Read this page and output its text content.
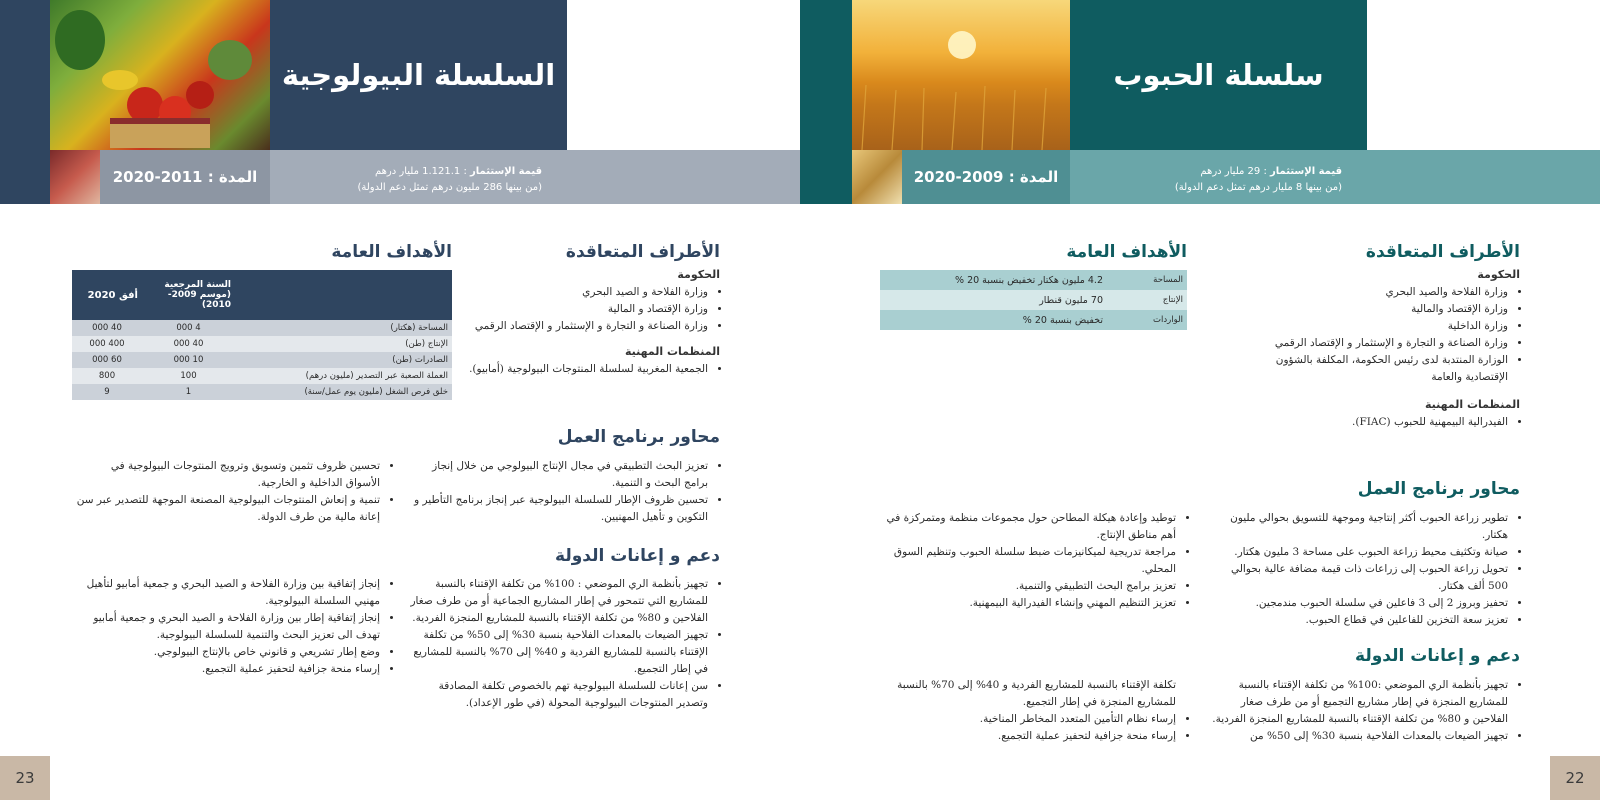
السلسلة البيولوجية
المدة : 2011-2020	قيمة الإستثمار : 1.121.1 مليار درهم
(من بينها 286 مليون درهم تمثل دعم الدولة)
سلسلة الحبوب
المدة : 2009-2020	قيمة الإستثمار : 29 مليار درهم
(من بينها 8 مليار درهم تمثل دعم الدولة)
الأطراف المتعاقدة
الحكومة
• وزارة الفلاحة و الصيد البحري
• وزارة الإقتصاد و المالية
• وزارة الصناعة و التجارة و الإستثمار و الإقتصاد الرقمي
المنظمات المهنية
• الجمعية المغربية لسلسلة المنتوجات البيولوجية (أمابيو).
الأهداف العامة
	السنة المرجعية (موسم 2009-2010)	أفق 2020
المساحة (هكتار)	4 000	40 000
الإنتاج (طن)	40 000	400 000
الصادرات (طن)	10 000	60 000
العملة الصعبة عبر التصدير (مليون درهم)	100	800
خلق فرص الشغل (مليون يوم عمل/سنة)	1	9
محاور برنامج العمل
• تعزيز البحث التطبيقي في مجال الإنتاج البيولوجي من خلال إنجاز برامج البحث و التنمية.
• تحسين ظروف الإطار للسلسلة البيولوجية عبر إنجاز برنامج التأطير و التكوين و تأهيل المهنيين.
• تحسين ظروف تثمين وتسويق وترويج المنتوجات البيولوجية في الأسواق الداخلية و الخارجية.
• تنمية و إنعاش المنتوجات البيولوجية المصنعة الموجهة للتصدير عبر سن إعانة مالية من طرف الدولة.
دعم و إعانات الدولة
• تجهيز بأنظمة الري الموضعي : 100% من تكلفة الإقتناء بالنسبة للمشاريع التي تتمحور في إطار المشاريع الجماعية أو من طرف صغار الفلاحين و 80% من تكلفة الإقتناء بالنسبة للمشاريع المنجزة الفردية.
• تجهيز الضيعات بالمعدات الفلاحية بنسبة 30% إلى 50% من تكلفة الإقتناء بالنسبة للمشاريع الفردية و 40% إلى 70% بالنسبة للمشاريع في إطار التجميع.
• سن إعانات للسلسلة البيولوجية تهم بالخصوص تكلفة المصادقة وتصدير المنتوجات البيولوجية المحولة (في طور الإعداد).
• إنجاز إتفاقية بين وزارة الفلاحة و الصيد البحري و جمعية أمابيو لتأهيل مهنيي السلسلة البيولوجية.
• إنجاز إتفاقية إطار بين وزارة الفلاحة و الصيد البحري و جمعية أمابيو تهدف الى تعزيز البحث والتنمية للسلسلة البيولوجية.
• وضع إطار تشريعي و قانوني خاص بالإنتاج البيولوجي.
• إرساء منحة جزافية لتحفيز عملية التجميع.
الأطراف المتعاقدة
الحكومة
• وزارة الفلاحة والصيد البحري
• وزارة الإقتصاد والمالية
• وزارة الداخلية
• وزارة الصناعة و التجارة و الإستثمار و الإقتصاد الرقمي
• الوزارة المنتدبة لدى رئيس الحكومة، المكلفة بالشؤون الإقتصادية والعامة
المنظمات المهنية
• الفيدرالية البيمهنية للحبوب (FIAC).
الأهداف العامة
المساحة	4.2 مليون هكتار تخفيض بنسبة 20 %
الإنتاج	70 مليون قنطار
الواردات	تخفيض بنسبة 20 %
محاور برنامج العمل
• تطوير زراعة الحبوب أكثر إنتاجية وموجهة للتسويق بحوالي مليون هكتار.
• صيانة وتكثيف محيط زراعة الحبوب على مساحة 3 مليون هكتار.
• تحويل زراعة الحبوب إلى زراعات ذات قيمة مضافة عالية بحوالي 500 ألف هكتار.
• تحفيز وبروز 2 إلى 3 فاعلين في سلسلة الحبوب مندمجين.
• تعزيز سعة التخزين للفاعلين في قطاع الحبوب.
• توطيد وإعادة هيكلة المطاحن حول مجموعات منظمة ومتمركزة في أهم مناطق الإنتاج.
• مراجعة تدريجية لميكانيزمات ضبط سلسلة الحبوب وتنظيم السوق المحلي.
• تعزيز برامج البحث التطبيقي والتنمية.
• تعزيز التنظيم المهني وإنشاء الفيدرالية البيمهنية.
دعم و إعانات الدولة
• تجهيز بأنظمة الري الموضعي :100% من تكلفة الإقتناء بالنسبة للمشاريع المنجزة في إطار مشاريع التجميع أو من طرف صغار الفلاحين و 80% من تكلفة الإقتناء بالنسبة للمشاريع المنجزة الفردية.
• تجهيز الضيعات بالمعدات الفلاحية بنسبة 30% إلى 50% من
تكلفة الإقتناء بالنسبة للمشاريع الفردية و 40% إلى 70% بالنسبة للمشاريع المنجزة في إطار التجميع.
• إرساء نظام التأمين المتعدد المخاطر المناخية.
• إرساء منحة جزافية لتحفيز عملية التجميع.
23	22
